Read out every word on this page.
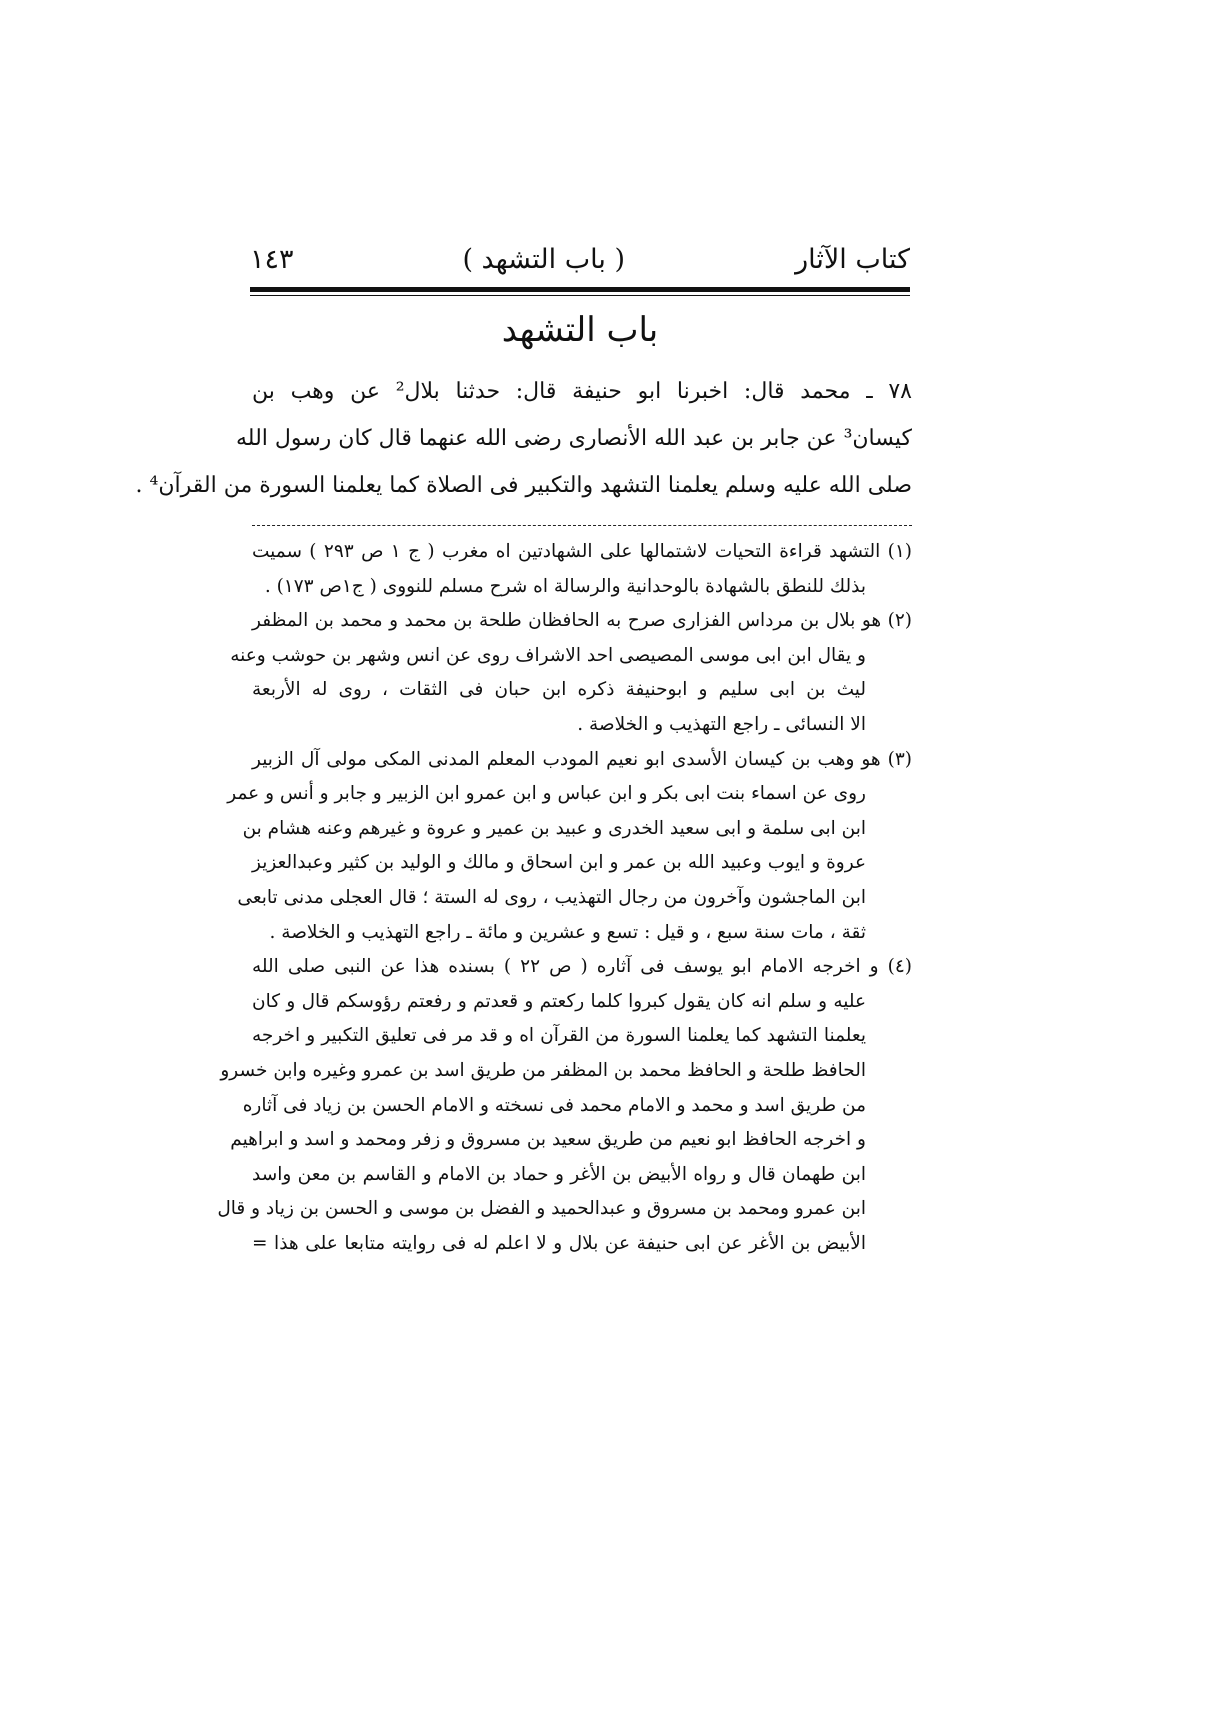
كتاب الآثار
( باب التشهد )
١٤٣
باب التشهد
٧٨ ـ محمد قال: اخبرنا ابو حنيفة قال: حدثنا بلال² عن وهب بن
كيسان³ عن جابر بن عبد الله الأنصارى رضى الله عنهما قال كان رسول الله
صلى الله عليه وسلم يعلمنا التشهد والتكبير فى الصلاة كما يعلمنا السورة من القرآن⁴ .
(١) التشهد قراءة التحيات لاشتمالها على الشهادتين اه مغرب ( ج ١ ص ٢٩٣ ) سميت
بذلك للنطق بالشهادة بالوحدانية والرسالة اه شرح مسلم للنووى ( ج١ص ١٧٣) .
(٢) هو بلال بن مرداس الفزارى صرح به الحافظان طلحة بن محمد و محمد بن المظفر
و يقال ابن ابى موسى المصيصى احد الاشراف روى عن انس وشهر بن حوشب وعنه
ليث بن ابى سليم و ابوحنيفة ذكره ابن حبان فى الثقات ، روى له الأربعة
الا النسائى ـ راجع التهذيب و الخلاصة .
(٣) هو وهب بن كيسان الأسدى ابو نعيم المودب المعلم المدنى المكى مولى آل الزبير
روى عن اسماء بنت ابى بكر و ابن عباس و ابن عمرو ابن الزبير و جابر و أنس و عمر
ابن ابى سلمة و ابى سعيد الخدرى و عبيد بن عمير و عروة و غيرهم وعنه هشام بن
عروة و ايوب وعبيد الله بن عمر و ابن اسحاق و مالك و الوليد بن كثير وعبدالعزيز
ابن الماجشون وآخرون من رجال التهذيب ، روى له الستة ؛ قال العجلى مدنى تابعى
ثقة ، مات سنة سبع ، و قيل : تسع و عشرين و مائة ـ راجع التهذيب و الخلاصة .
(٤) و اخرجه الامام ابو يوسف فى آثاره ( ص ٢٢ ) بسنده هذا عن النبى صلى الله
عليه و سلم انه كان يقول كبروا كلما ركعتم و قعدتم و رفعتم رؤوسكم قال و كان
يعلمنا التشهد كما يعلمنا السورة من القرآن اه و قد مر فى تعليق التكبير و اخرجه
الحافظ طلحة و الحافظ محمد بن المظفر من طريق اسد بن عمرو وغيره وابن خسرو
من طريق اسد و محمد و الامام محمد فى نسخته و الامام الحسن بن زياد فى آثاره
و اخرجه الحافظ ابو نعيم من طريق سعيد بن مسروق و زفر ومحمد و اسد و ابراهيم
ابن طهمان قال و رواه الأبيض بن الأغر و حماد بن الامام و القاسم بن معن واسد
ابن عمرو ومحمد بن مسروق و عبدالحميد و الفضل بن موسى و الحسن بن زياد و قال
الأبيض بن الأغر عن ابى حنيفة عن بلال و لا اعلم له فى روايته متابعا على هذا =
